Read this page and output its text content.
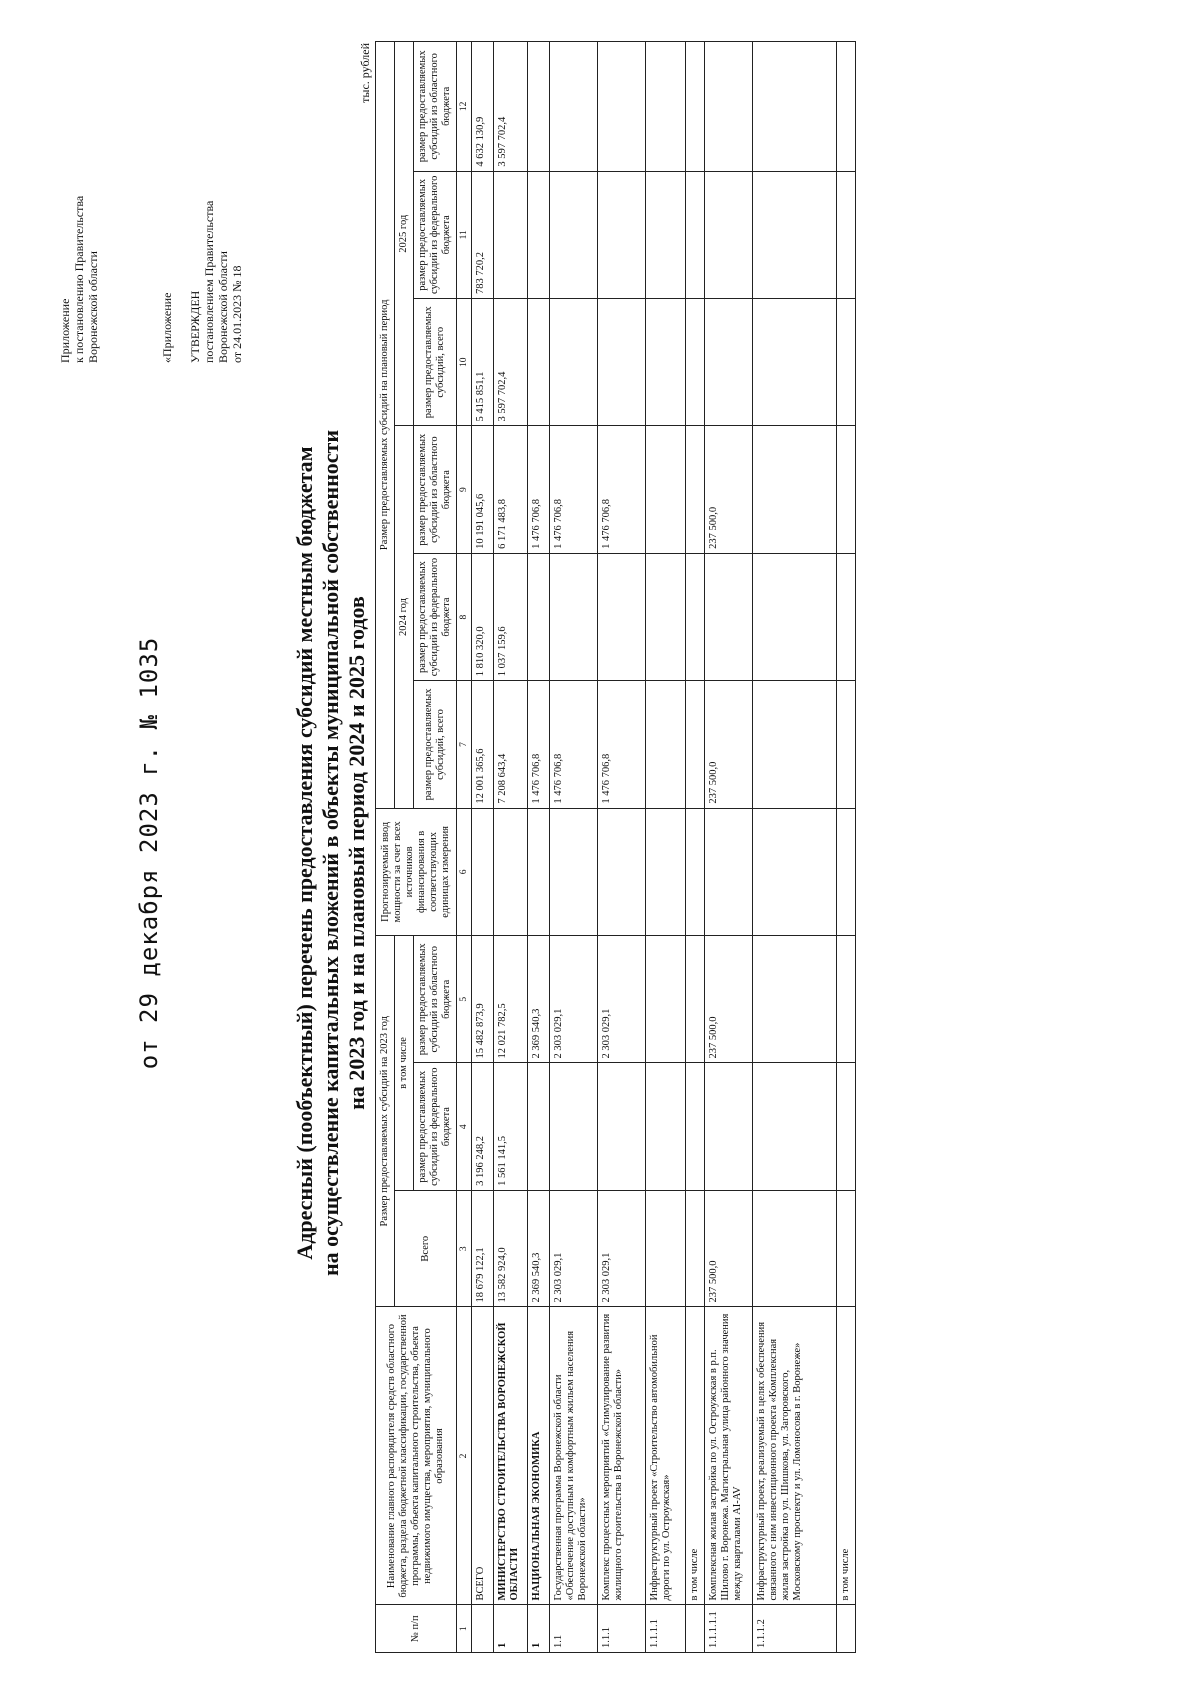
Приложение к постановлению Правительства Воронежской области
от 29 декабря 2023 г. № 1035
«Приложение УТВЕРЖДЕН постановлением Правительства Воронежской области от 24.01.2023 № 18
Адресный (пообъектный) перечень предоставления субсидий местным бюджетам на осуществление капитальных вложений в объекты муниципальной собственности на 2023 год и на плановый период 2024 и 2025 годов
тыс. рублей
№ п/п	Наименование главного распорядителя средств областного бюджета, раздела бюджетной классификации, государственной программы, объекта капитального строительства, объекта недвижимого имущества, мероприятия, муниципального образования	Размер предоставляемых субсидий на 2023 год			Прогнозируемый ввод мощности за счет всех источников финансирования в соответствующих единицах измерения	Размер предоставляемых субсидий на плановый период					
		Всего	в том числе			2024 год			2025 год		
						размер предоставляемых субсидий, всего	размер предоставляемых субсидий из федерального бюджета	размер предоставляемых субсидий из областного бюджета	размер предоставляемых субсидий, всего	размер предоставляемых субсидий из федерального бюджета	размер предоставляемых субсидий из областного бюджета
			размер предоставляемых субсидий из федерального бюджета	размер предоставляемых субсидий из областного бюджета							
1	2	3	4	5	6	7	8	9	10	11	12
	ВСЕГО	18 679 122,1	3 196 248,2	15 482 873,9		12 001 365,6	1 810 320,0	10 191 045,6	5 415 851,1	783 720,2	4 632 130,9
1	МИНИСТЕРСТВО СТРОИТЕЛЬСТВА ВОРОНЕЖСКОЙ ОБЛАСТИ	13 582 924,0	1 561 141,5	12 021 782,5		7 208 643,4	1 037 159,6	6 171 483,8	3 597 702,4		3 597 702,4
1	НАЦИОНАЛЬНАЯ ЭКОНОМИКА	2 369 540,3		2 369 540,3		1 476 706,8		1 476 706,8			
1.1	Государственная программа Воронежской области «Обеспечение доступным и комфортным жильем населения Воронежской области»	2 303 029,1		2 303 029,1		1 476 706,8		1 476 706,8			
1.1.1	Комплекс процессных мероприятий «Стимулирование развития жилищного строительства в Воронежской области»	2 303 029,1		2 303 029,1		1 476 706,8		1 476 706,8			
1.1.1.1	Инфраструктурный проект «Строительство автомобильной дороги по ул. Остроужская»										
	в том числе										
1.1.1.1.1	Комплексная жилая застройка по ул. Остроужская в р.п. Шилово г. Воронежа. Магистральная улица районного значения между кварталами AI-AV	237 500,0		237 500,0		237 500,0		237 500,0			
1.1.1.2	Инфраструктурный проект, реализуемый в целях обеспечения связанного с ним инвестиционного проекта «Комплексная жилая застройка по ул. Шишкова, ул. Загоровского, Московскому проспекту и ул. Ломоносова в г. Воронеже»										
	в том числе										
